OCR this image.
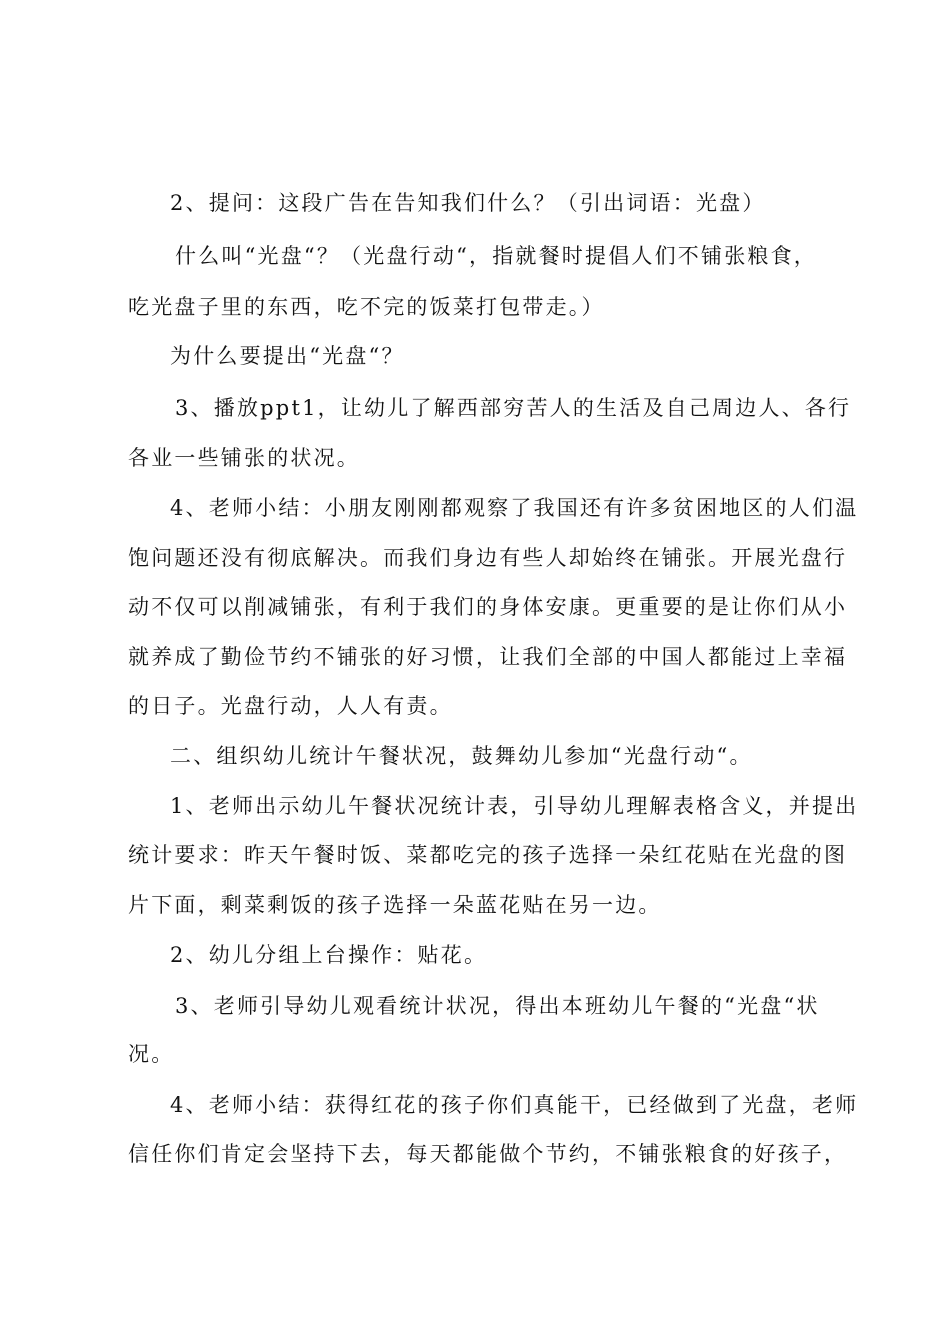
2、提问：这段广告在告知我们什么？（引出词语：光盘）
什么叫“光盘“？（光盘行动“，指就餐时提倡人们不铺张粮食，
吃光盘子里的东西，吃不完的饭菜打包带走。）
为什么要提出“光盘“？
3、播放ppt1，让幼儿了解西部穷苦人的生活及自己周边人、各行
各业一些铺张的状况。
4、老师小结：小朋友刚刚都观察了我国还有许多贫困地区的人们温
饱问题还没有彻底解决。而我们身边有些人却始终在铺张。开展光盘行
动不仅可以削减铺张，有利于我们的身体安康。更重要的是让你们从小
就养成了勤俭节约不铺张的好习惯，让我们全部的中国人都能过上幸福
的日子。光盘行动，人人有责。
二、组织幼儿统计午餐状况，鼓舞幼儿参加“光盘行动“。
1、老师出示幼儿午餐状况统计表，引导幼儿理解表格含义，并提出
统计要求：昨天午餐时饭、菜都吃完的孩子选择一朵红花贴在光盘的图
片下面，剩菜剩饭的孩子选择一朵蓝花贴在另一边。
2、幼儿分组上台操作：贴花。
3、老师引导幼儿观看统计状况，得出本班幼儿午餐的“光盘“状
况。
4、老师小结：获得红花的孩子你们真能干，已经做到了光盘，老师
信任你们肯定会坚持下去，每天都能做个节约，不铺张粮食的好孩子，
